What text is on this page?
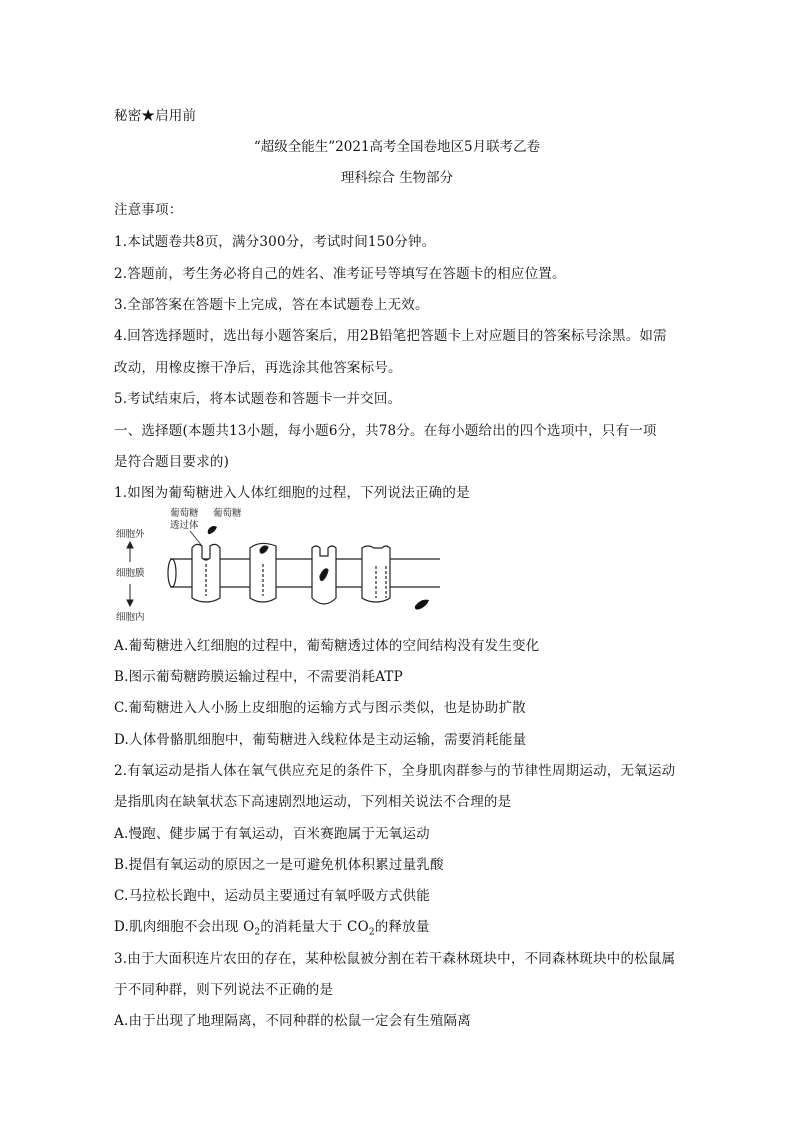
秘密★启用前
“超级全能生”2021高考全国卷地区5月联考乙卷
理科综合 生物部分
注意事项：
1.本试题卷共8页，满分300分，考试时间150分钟。
2.答题前，考生务必将自己的姓名、准考证号等填写在答题卡的相应位置。
3.全部答案在答题卡上完成，答在本试题卷上无效。
4.回答选择题时，选出每小题答案后，用2B铅笔把答题卡上对应题目的答案标号涂黑。如需
改动，用橡皮擦干净后，再选涂其他答案标号。
5.考试结束后，将本试题卷和答题卡一并交回。
一、选择题(本题共13小题，每小题6分，共78分。在每小题给出的四个选项中，只有一项
是符合题目要求的)
1.如图为葡萄糖进入人体红细胞的过程，下列说法正确的是
细胞外
细胞膜
细胞内
葡萄糖
透过体
葡萄糖
A.葡萄糖进入红细胞的过程中，葡萄糖透过体的空间结构没有发生变化
B.图示葡萄糖跨膜运输过程中，不需要消耗ATP
C.葡萄糖进入人小肠上皮细胞的运输方式与图示类似，也是协助扩散
D.人体骨骼肌细胞中，葡萄糖进入线粒体是主动运输，需要消耗能量
2.有氧运动是指人体在氧气供应充足的条件下，全身肌肉群参与的节律性周期运动，无氧运动
是指肌肉在缺氧状态下高速剧烈地运动，下列相关说法不合理的是
A.慢跑、健步属于有氧运动，百米赛跑属于无氧运动
B.提倡有氧运动的原因之一是可避免机体积累过量乳酸
C.马拉松长跑中，运动员主要通过有氧呼吸方式供能
D.肌肉细胞不会出现 $O_2$的消耗量大于 $CO_2$的释放量
3.由于大面积连片农田的存在，某种松鼠被分割在若干森林斑块中，不同森林斑块中的松鼠属
于不同种群，则下列说法不正确的是
A.由于出现了地理隔离，不同种群的松鼠一定会有生殖隔离
